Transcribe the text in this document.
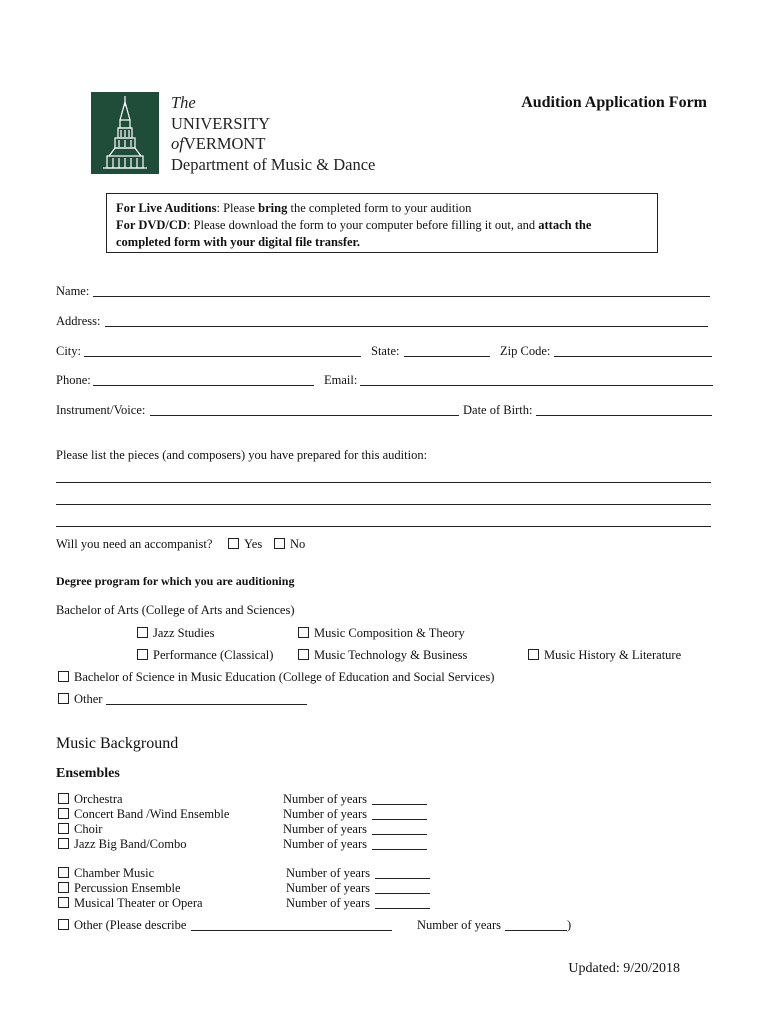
The
UNIVERSITY
ofVERMONT
Department of Music & Dance
Audition Application Form
For Live Auditions: Please bring the completed form to your audition
For DVD/CD: Please download the form to your computer before filling it out, and attach the completed form with your digital file transfer.
Name:
Address:
City:	State:	Zip Code:
Phone:	Email:
Instrument/Voice:	Date of Birth:
Please list the pieces (and composers) you have prepared for this audition:
Will you need an accompanist?	Yes No
Degree program for which you are auditioning
Bachelor of Arts (College of Arts and Sciences)
Jazz Studies	Music Composition & Theory
Performance (Classical)	Music Technology & Business	Music History & Literature
Bachelor of Science in Music Education (College of Education and Social Services)
Other
Music Background
Ensembles
Orchestra	Number of years
Concert Band /Wind Ensemble	Number of years
Choir	Number of years
Jazz Big Band/Combo	Number of years
Chamber Music	Number of years
Percussion Ensemble	Number of years
Musical Theater or Opera	Number of years
Other (Please describe	Number of years	)
Updated: 9/20/2018
